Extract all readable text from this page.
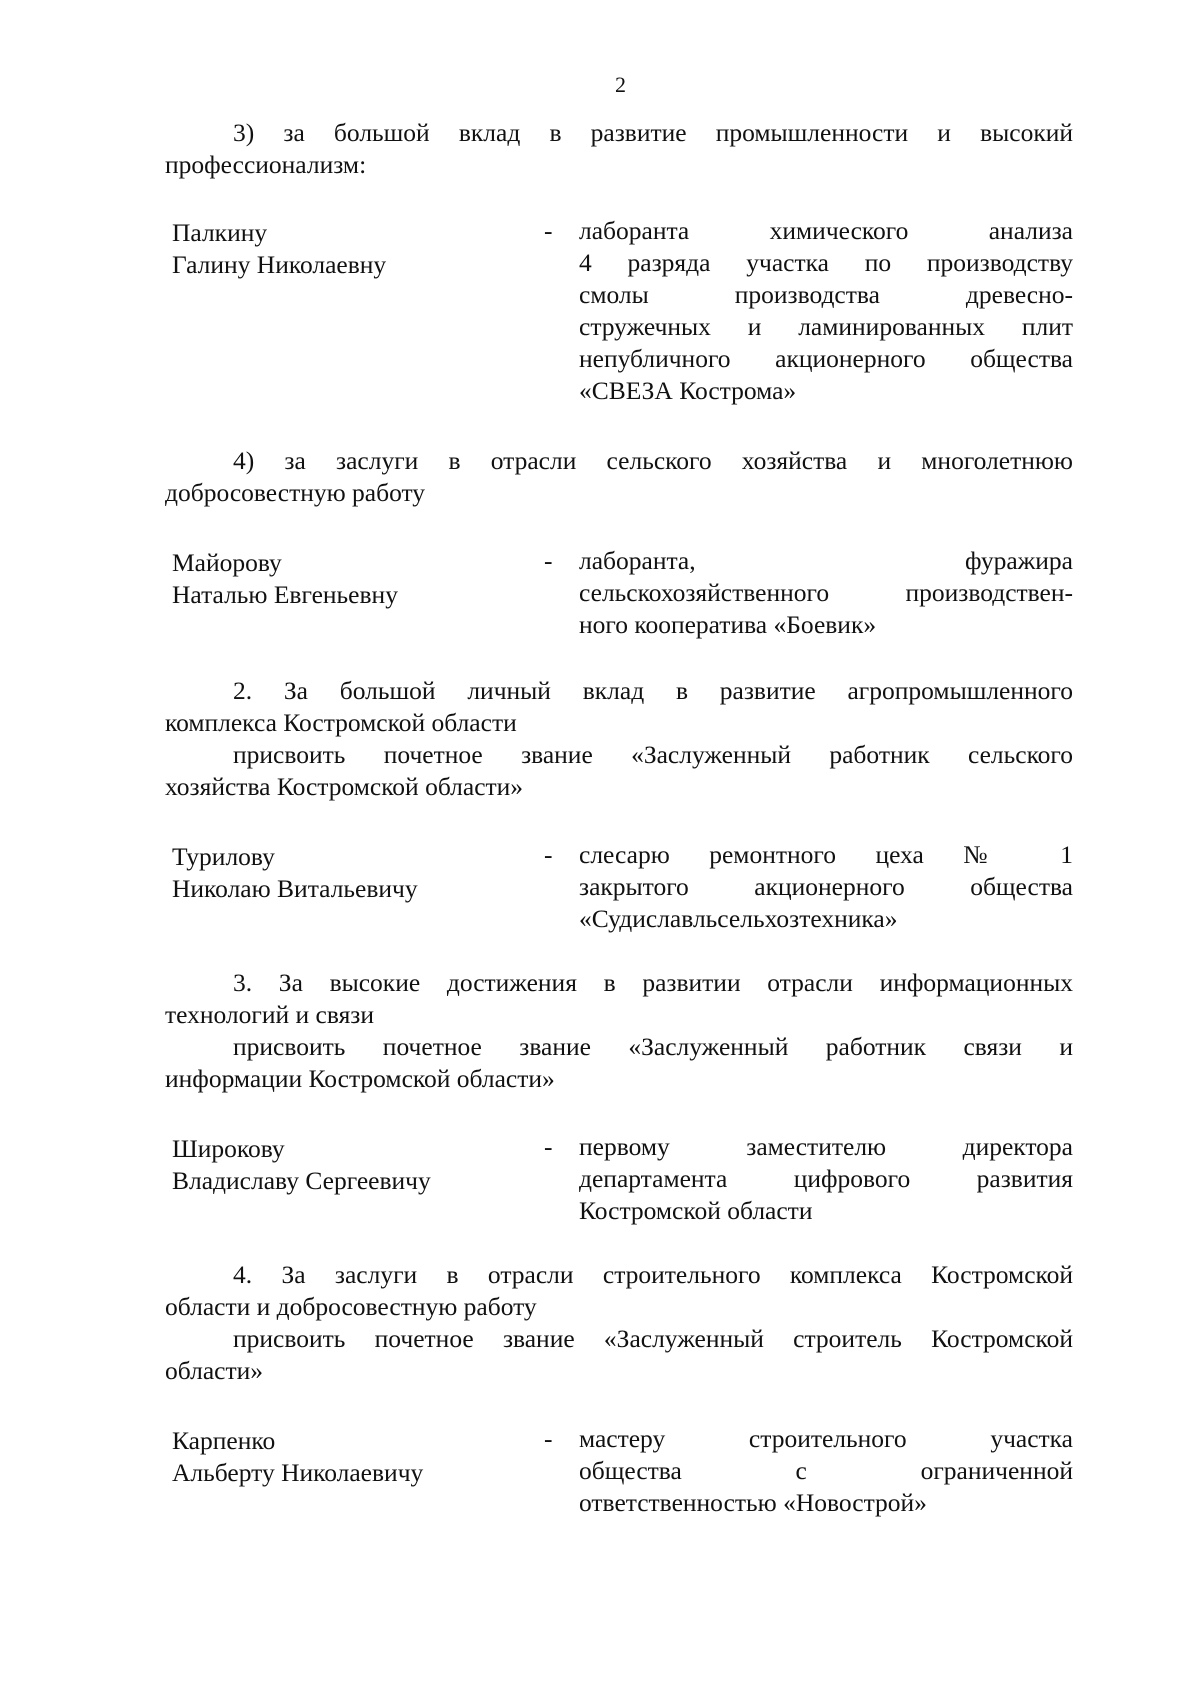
2
3) за большой вклад в развитие промышленности и высокий
профессионализм:
Палкину
Галину Николаевну
- лаборанта химического анализа
4 разряда участка по производству
смолы производства древесно-
стружечных и ламинированных плит
непубличного акционерного общества
«СВЕЗА Кострома»
4) за заслуги в отрасли сельского хозяйства и многолетнюю
добросовестную работу
Майорову
Наталью Евгеньевну
- лаборанта, фуражира
сельскохозяйственного производствен-
ного кооператива «Боевик»
2. За большой личный вклад в развитие агропромышленного
комплекса Костромской области
присвоить почетное звание «Заслуженный работник сельского
хозяйства Костромской области»
Турилову
Николаю Витальевичу
- слесарю ремонтного цеха № 1
закрытого акционерного общества
«Судиславльсельхозтехника»
3. За высокие достижения в развитии отрасли информационных
технологий и связи
присвоить почетное звание «Заслуженный работник связи и
информации Костромской области»
Широкову
Владиславу Сергеевичу
- первому заместителю директора
департамента цифрового развития
Костромской области
4. За заслуги в отрасли строительного комплекса Костромской
области и добросовестную работу
присвоить почетное звание «Заслуженный строитель Костромской
области»
Карпенко
Альберту Николаевичу
- мастеру строительного участка
общества с ограниченной
ответственностью «Новострой»
